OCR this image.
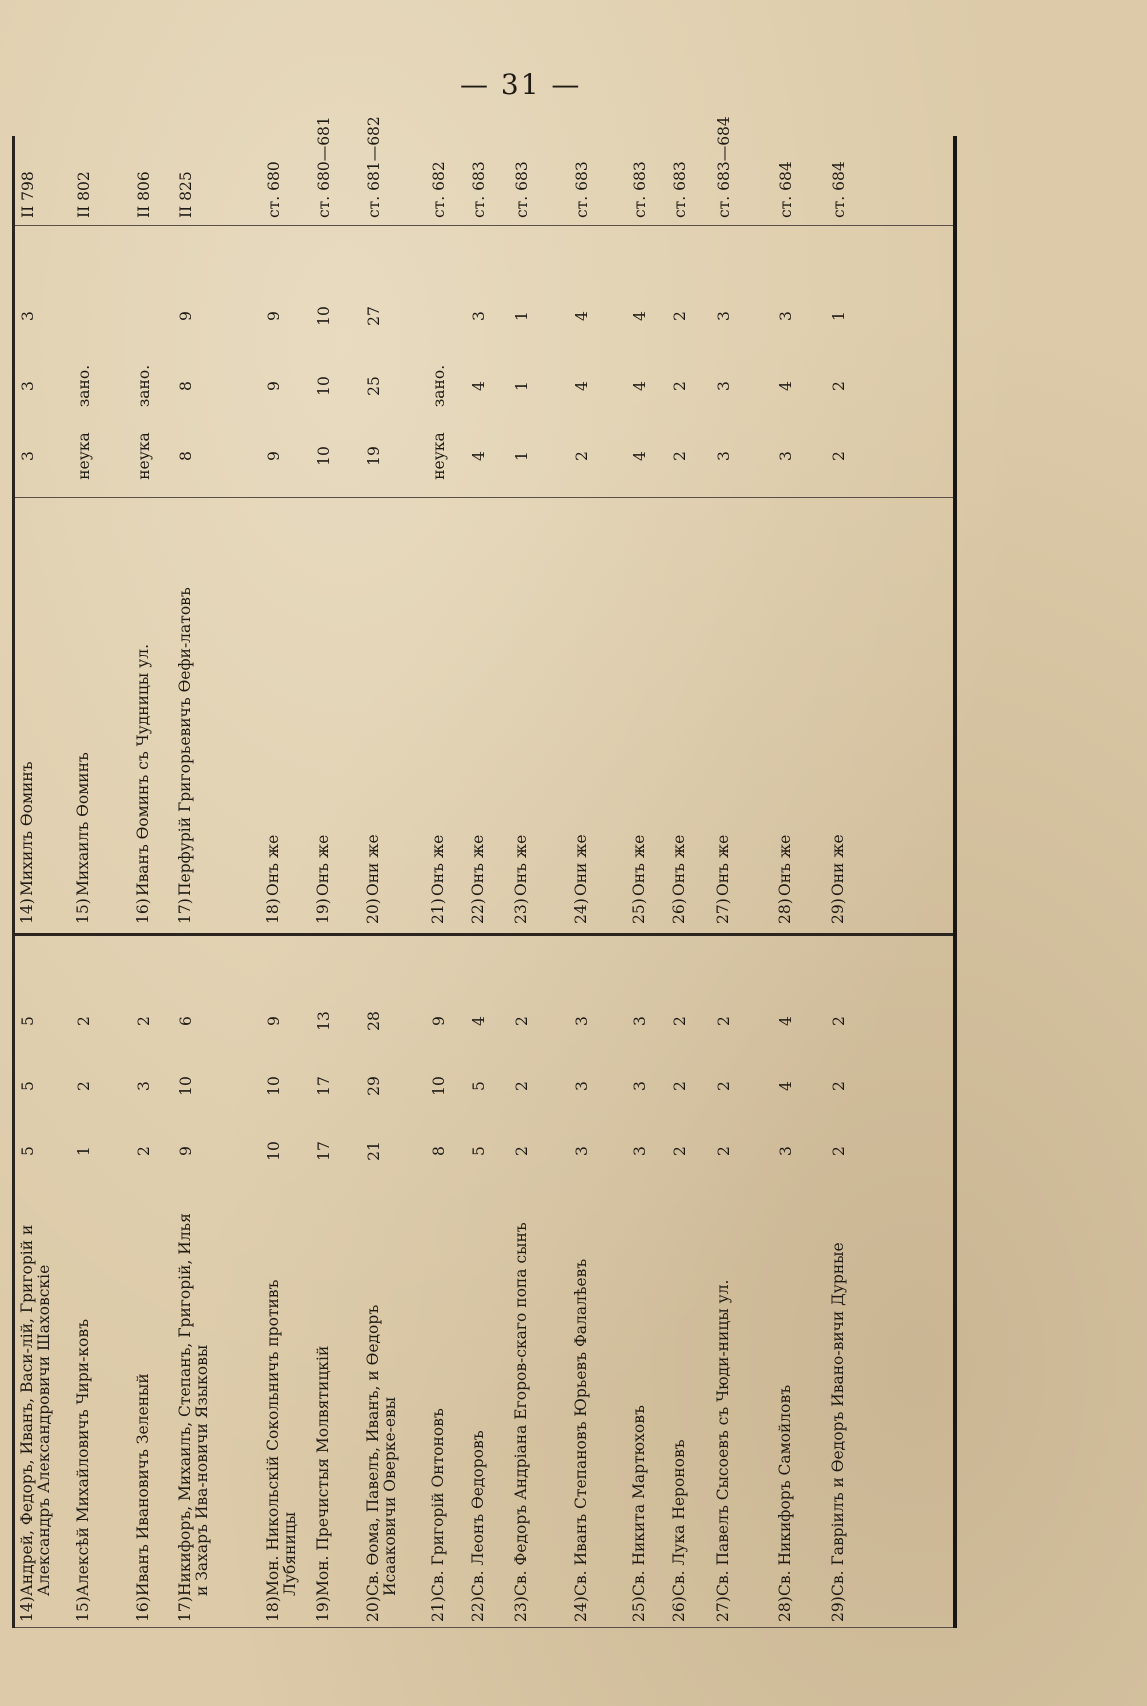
— 31 —
14)
Андрей, Федоръ, Иванъ, Васи-лій, Григорій и Александръ Александровичи Шаховскіе
5
5
5
15)
Алексѣй Михайловичъ Чири-ковъ
1
2
2
16)
Иванъ Ивановичъ Зеленый
2
3
2
17)
Никифоръ, Михаилъ, Степанъ, Григорій, Илья и Захаръ Ива-новичи Языковы
9
10
6
18)
Мон. Никольскій Сокольничъ противъ Лубяницы
10
10
9
19)
Мон. Пречистыя Молвятицкій
17
17
13
20)
Св. Ѳома, Павелъ, Иванъ, и Ѳедоръ Исааковичи Оверке-евы
21
29
28
21)
Св. Григорій Онтоновъ
8
10
9
22)
Св. Леонъ Ѳедоровъ
5
5
4
23)
Св. Федоръ Андріана Егоров-скаго попа сынъ
2
2
2
24)
Св. Иванъ Степановъ Юрьевъ Фалалѣевъ
3
3
3
25)
Св. Никита Мартюховъ
3
3
3
26)
Св. Лука Нероновъ
2
2
2
27)
Св. Павелъ Сысоевъ съ Чюди-ницы ул.
2
2
2
28)
Св. Никифоръ Самойловъ
3
4
4
29)
Св. Гавріилъ и Ѳедоръ Ивано-вичи Дурные
2
2
2
14)
Михилъ Ѳоминъ
3
3
3
II 798
15)
Михаилъ Ѳоминъ
неука
зано.
II 802
16)
Иванъ Ѳоминъ съ Чудницы ул.
неука
зано.
II 806
17)
Перфурій Григорьевичъ Ѳефи-латовъ
8
8
9
II 825
18)
Онъ же
9
9
9
ст. 680
19)
Онъ же
10
10
10
ст. 680—681
20)
Они же
19
25
27
ст. 681—682
21)
Онъ же
неука
зано.
ст. 682
22)
Онъ же
4
4
3
ст. 683
23)
Онъ же
1
1
1
ст. 683
24)
Они же
2
4
4
ст. 683
25)
Онъ же
4
4
4
ст. 683
26)
Онъ же
2
2
2
ст. 683
27)
Онъ же
3
3
3
ст. 683—684
28)
Онъ же
3
4
3
ст. 684
29)
Они же
2
2
1
ст. 684
